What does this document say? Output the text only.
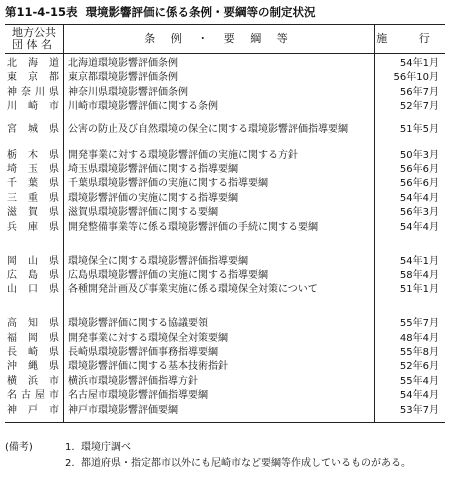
第11-4-15表 環境影響評価に係る条例・要綱等の制定状況
地方公共
団 体 名	条 例 ・ 要 綱 等	施 行
北海道	北海道環境影響評価条例	54年1月
東京都	東京都環境影響評価条例	56年10月
神奈川県	神奈川県環境影響評価条例	56年7月
川崎市	川崎市環境影響評価に関する条例	52年7月
宮城県	公害の防止及び自然環境の保全に関する環境影響評価指導要綱	51年5月
栃木県	開発事業に対する環境影響評価の実施に関する方針	50年3月
埼玉県	埼玉県環境影響評価に関する指導要綱	56年6月
千葉県	千葉県環境影響評価の実施に関する指導要綱	56年6月
三重県	環境影響評価の実施に関する指導要綱	54年4月
滋賀県	滋賀県環境影響評価に関する要綱	56年3月
兵庫県	開発整備事業等に係る環境影響評価の手続に関する要綱	54年4月
岡山県	環境保全に関する環境影響評価指導要綱	54年1月
広島県	広島県環境影響評価の実施に関する指導要綱	58年4月
山口県	各種開発計画及び事業実施に係る環境保全対策について	51年1月
高知県	環境影響評価に関する協議要領	55年7月
福岡県	開発事業に対する環境保全対策要綱	48年4月
長崎県	長崎県環境影響評価事務指導要綱	55年8月
沖縄県	環境影響評価に関する基本技術指針	52年6月
横浜市	横浜市環境影響評価指導方針	55年4月
名古屋市	名古屋市環境影響評価指導要綱	54年4月
神戸市	神戸市環境影響評価要綱	53年7月
(備考)	1. 環境庁調べ
2. 都道府県・指定都市以外にも尼崎市など要綱等作成しているものがある。
